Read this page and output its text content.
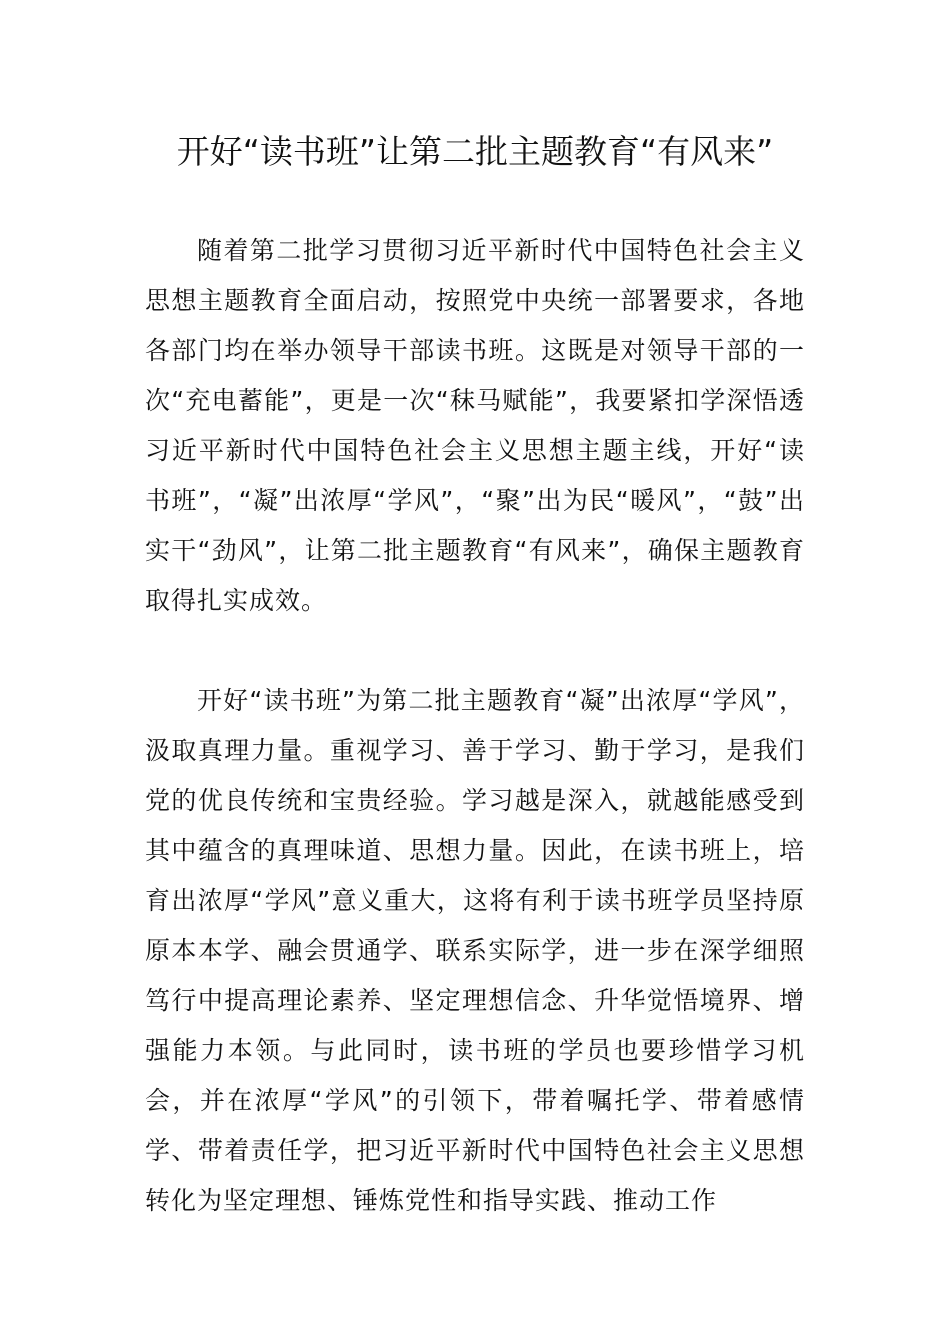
开好“读书班”让第二批主题教育“有风来”

随着第二批学习贯彻习近平新时代中国特色社会主义思想主题教育全面启动，按照党中央统一部署要求，各地各部门均在举办领导干部读书班。这既是对领导干部的一次“充电蓄能”，更是一次“秣马赋能”，我要紧扣学深悟透习近平新时代中国特色社会主义思想主题主线，开好“读书班”，“凝”出浓厚“学风”，“聚”出为民“暖风”，“鼓”出实干“劲风”，让第二批主题教育“有风来”，确保主题教育取得扎实成效。

开好“读书班”为第二批主题教育“凝”出浓厚“学风”，汲取真理力量。重视学习、善于学习、勤于学习，是我们党的优良传统和宝贵经验。学习越是深入，就越能感受到其中蕴含的真理味道、思想力量。因此，在读书班上，培育出浓厚“学风”意义重大，这将有利于读书班学员坚持原原本本学、融会贯通学、联系实际学，进一步在深学细照笃行中提高理论素养、坚定理想信念、升华觉悟境界、增强能力本领。与此同时，读书班的学员也要珍惜学习机会，并在浓厚“学风”的引领下，带着嘱托学、带着感情学、带着责任学，把习近平新时代中国特色社会主义思想转化为坚定理想、锤炼党性和指导实践、推动工作
